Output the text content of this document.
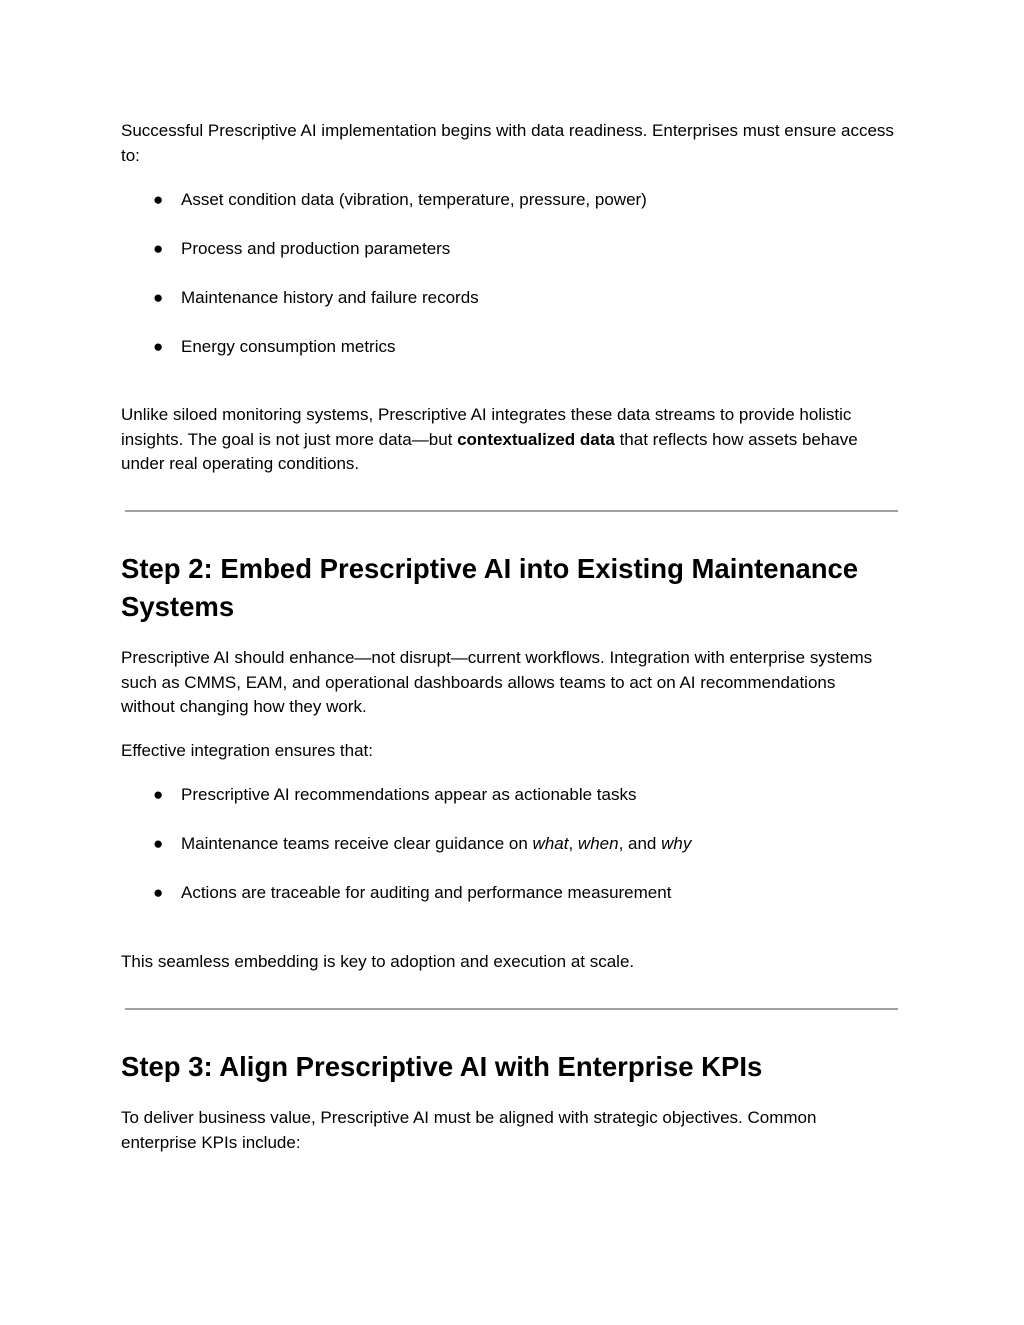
Successful Prescriptive AI implementation begins with data readiness. Enterprises must ensure access to:

● Asset condition data (vibration, temperature, pressure, power)
● Process and production parameters
● Maintenance history and failure records
● Energy consumption metrics

Unlike siloed monitoring systems, Prescriptive AI integrates these data streams to provide holistic insights. The goal is not just more data—but contextualized data that reflects how assets behave under real operating conditions.

Step 2: Embed Prescriptive AI into Existing Maintenance Systems

Prescriptive AI should enhance—not disrupt—current workflows. Integration with enterprise systems such as CMMS, EAM, and operational dashboards allows teams to act on AI recommendations without changing how they work.

Effective integration ensures that:

● Prescriptive AI recommendations appear as actionable tasks
● Maintenance teams receive clear guidance on what, when, and why
● Actions are traceable for auditing and performance measurement

This seamless embedding is key to adoption and execution at scale.

Step 3: Align Prescriptive AI with Enterprise KPIs

To deliver business value, Prescriptive AI must be aligned with strategic objectives. Common enterprise KPIs include:
